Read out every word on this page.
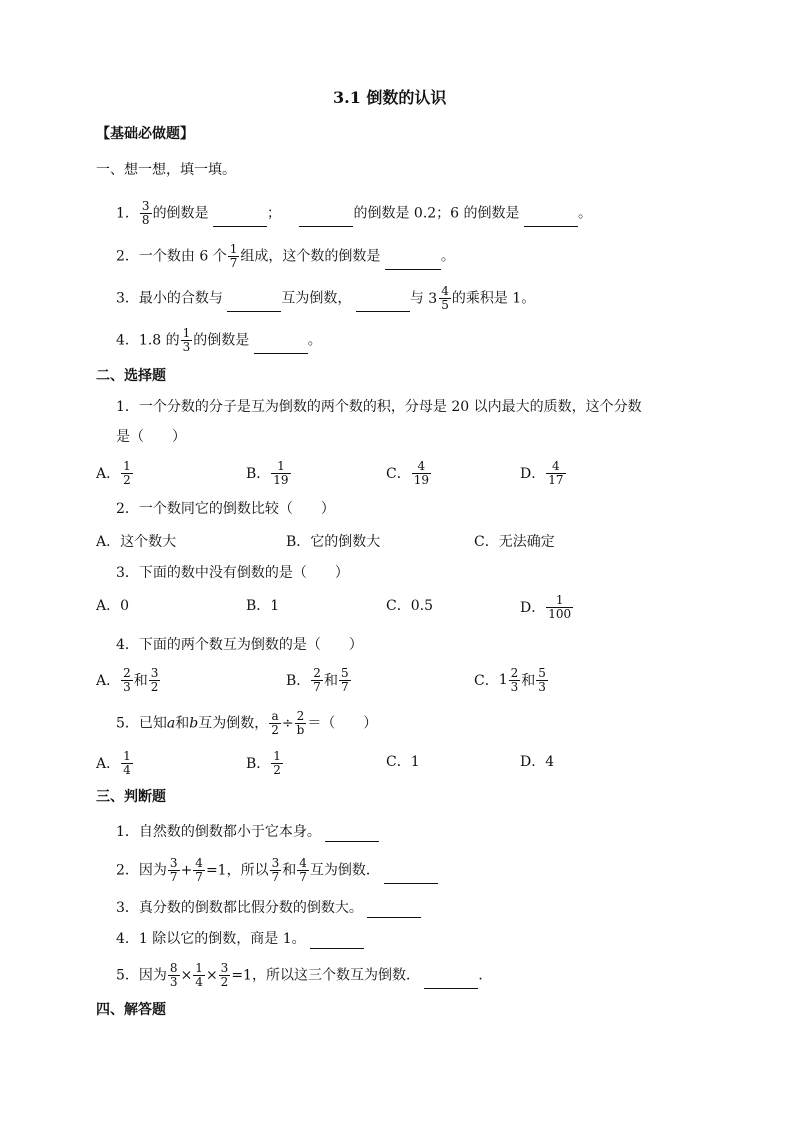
3.1 倒数的认识
【基础必做题】
一、想一想，填一填。
1． $\frac{3}{8}$ 的倒数是	；	的倒数是 0.2；6 的倒数是	。
2．一个数由 6 个 $\frac{1}{7}$ 组成，这个数的倒数是	。
3．最小的合数与	互为倒数，	与 $3 \frac{4}{5}$ 的乘积是 1。
4．1.8 的 $\frac{1}{3}$ 的倒数是	。
二、选择题
1．一个分数的分子是互为倒数的两个数的积，分母是 20 以内最大的质数，这个分数
是（　　）
A． $\frac{1}{2}$	B． $\frac{1}{19}$	C． $\frac{4}{19}$	D． $\frac{4}{17}$
2．一个数同它的倒数比较（　　）
A．这个数大	B．它的倒数大	C．无法确定
3．下面的数中没有倒数的是（　　）
A．0	B．1	C．0.5	D． $\frac{1}{100}$
4．下面的两个数互为倒数的是（　　）
A． $\frac{2}{3}$ 和 $\frac{3}{2}$	B． $\frac{2}{7}$ 和 $\frac{5}{7}$	C． $1 \frac{2}{3}$ 和 $\frac{5}{3}$
5．已知a和b互为倒数， $\frac{a}{2} \div \frac{2}{b}$ ＝（　　）
A． $\frac{1}{4}$	B． $\frac{1}{2}$	C．1	D．4
三、判断题
1．自然数的倒数都小于它本身。
2．因为 $\frac{3}{7} + \frac{4}{7} =1$，所以 $\frac{3}{7}$ 和 $\frac{4}{7}$ 互为倒数．
3．真分数的倒数都比假分数的倒数大。
4．1 除以它的倒数，商是 1。
5．因为 $\frac{8}{3} \times \frac{1}{4} \times \frac{3}{2} =1$，所以这三个数互为倒数．	．
四、解答题
